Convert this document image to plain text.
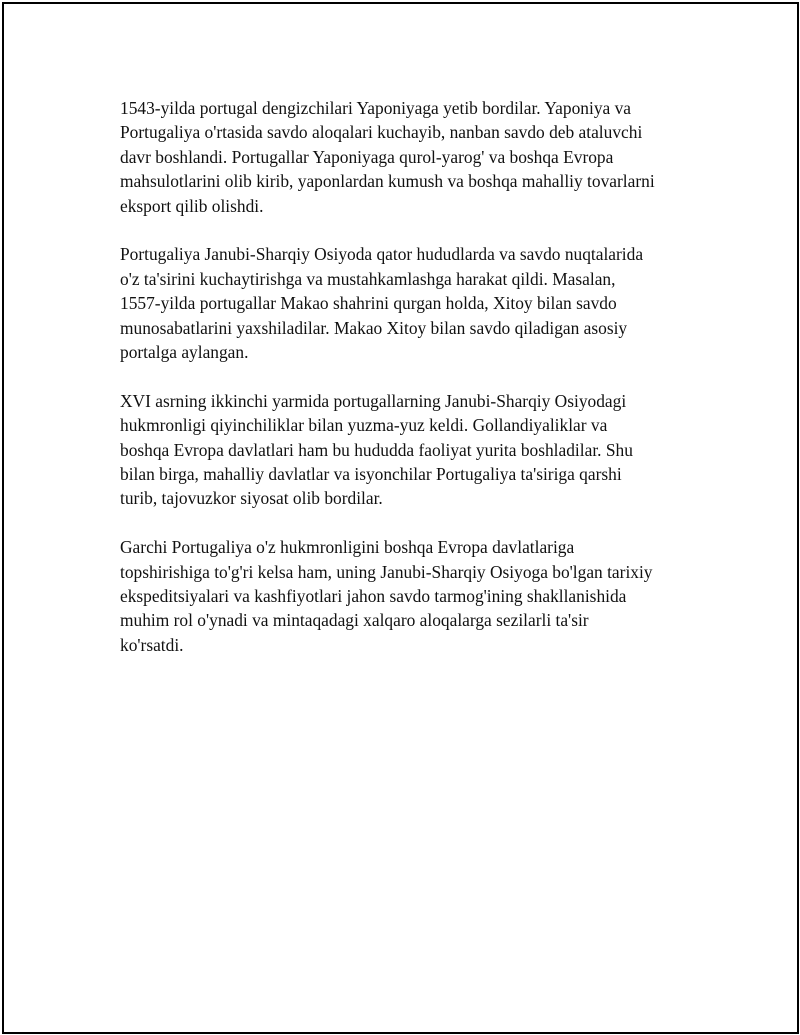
1543-yilda portugal dengizchilari Yaponiyaga yetib bordilar. Yaponiya va
Portugaliya o'rtasida savdo aloqalari kuchayib, nanban savdo deb ataluvchi
davr boshlandi. Portugallar Yaponiyaga qurol-yarog' va boshqa Evropa
mahsulotlarini olib kirib, yaponlardan kumush va boshqa mahalliy tovarlarni
eksport qilib olishdi.

Portugaliya Janubi-Sharqiy Osiyoda qator hududlarda va savdo nuqtalarida
o'z ta'sirini kuchaytirishga va mustahkamlashga harakat qildi. Masalan,
1557-yilda portugallar Makao shahrini qurgan holda, Xitoy bilan savdo
munosabatlarini yaxshiladilar. Makao Xitoy bilan savdo qiladigan asosiy
portalga aylangan.

XVI asrning ikkinchi yarmida portugallarning Janubi-Sharqiy Osiyodagi
hukmronligi qiyinchiliklar bilan yuzma-yuz keldi. Gollandiyaliklar va
boshqa Evropa davlatlari ham bu hududda faoliyat yurita boshladilar. Shu
bilan birga, mahalliy davlatlar va isyonchilar Portugaliya ta'siriga qarshi
turib, tajovuzkor siyosat olib bordilar.

Garchi Portugaliya o'z hukmronligini boshqa Evropa davlatlariga
topshirishiga to'g'ri kelsa ham, uning Janubi-Sharqiy Osiyoga bo'lgan tarixiy
ekspeditsiyalari va kashfiyotlari jahon savdo tarmog'ining shakllanishida
muhim rol o'ynadi va mintaqadagi xalqaro aloqalarga sezilarli ta'sir
ko'rsatdi.
